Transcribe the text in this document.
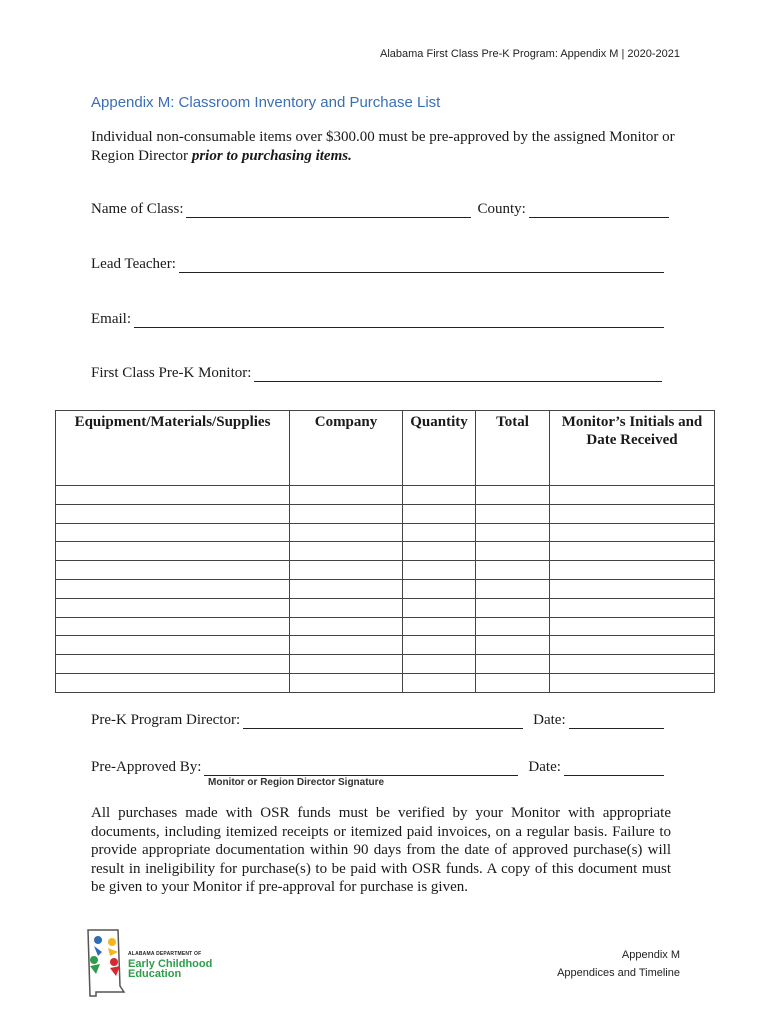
Alabama First Class Pre-K Program: Appendix M | 2020-2021
Appendix M: Classroom Inventory and Purchase List
Individual non-consumable items over $300.00 must be pre-approved by the assigned Monitor or Region Director prior to purchasing items.
Name of Class:	County:
Lead Teacher:
Email:
First Class Pre-K Monitor:
Equipment/Materials/Supplies	Company	Quantity	Total	Monitor’s Initials and Date Received

Pre-K Program Director:	Date:
Pre-Approved By:	Date:
Monitor or Region Director Signature
All purchases made with OSR funds must be verified by your Monitor with appropriate documents, including itemized receipts or itemized paid invoices, on a regular basis. Failure to provide appropriate documentation within 90 days from the date of approved purchase(s) will result in ineligibility for purchase(s) to be paid with OSR funds. A copy of this document must be given to your Monitor if pre-approval for purchase is given.
ALABAMA DEPARTMENT OF
Early Childhood
Education
Appendix M
Appendices and Timeline
